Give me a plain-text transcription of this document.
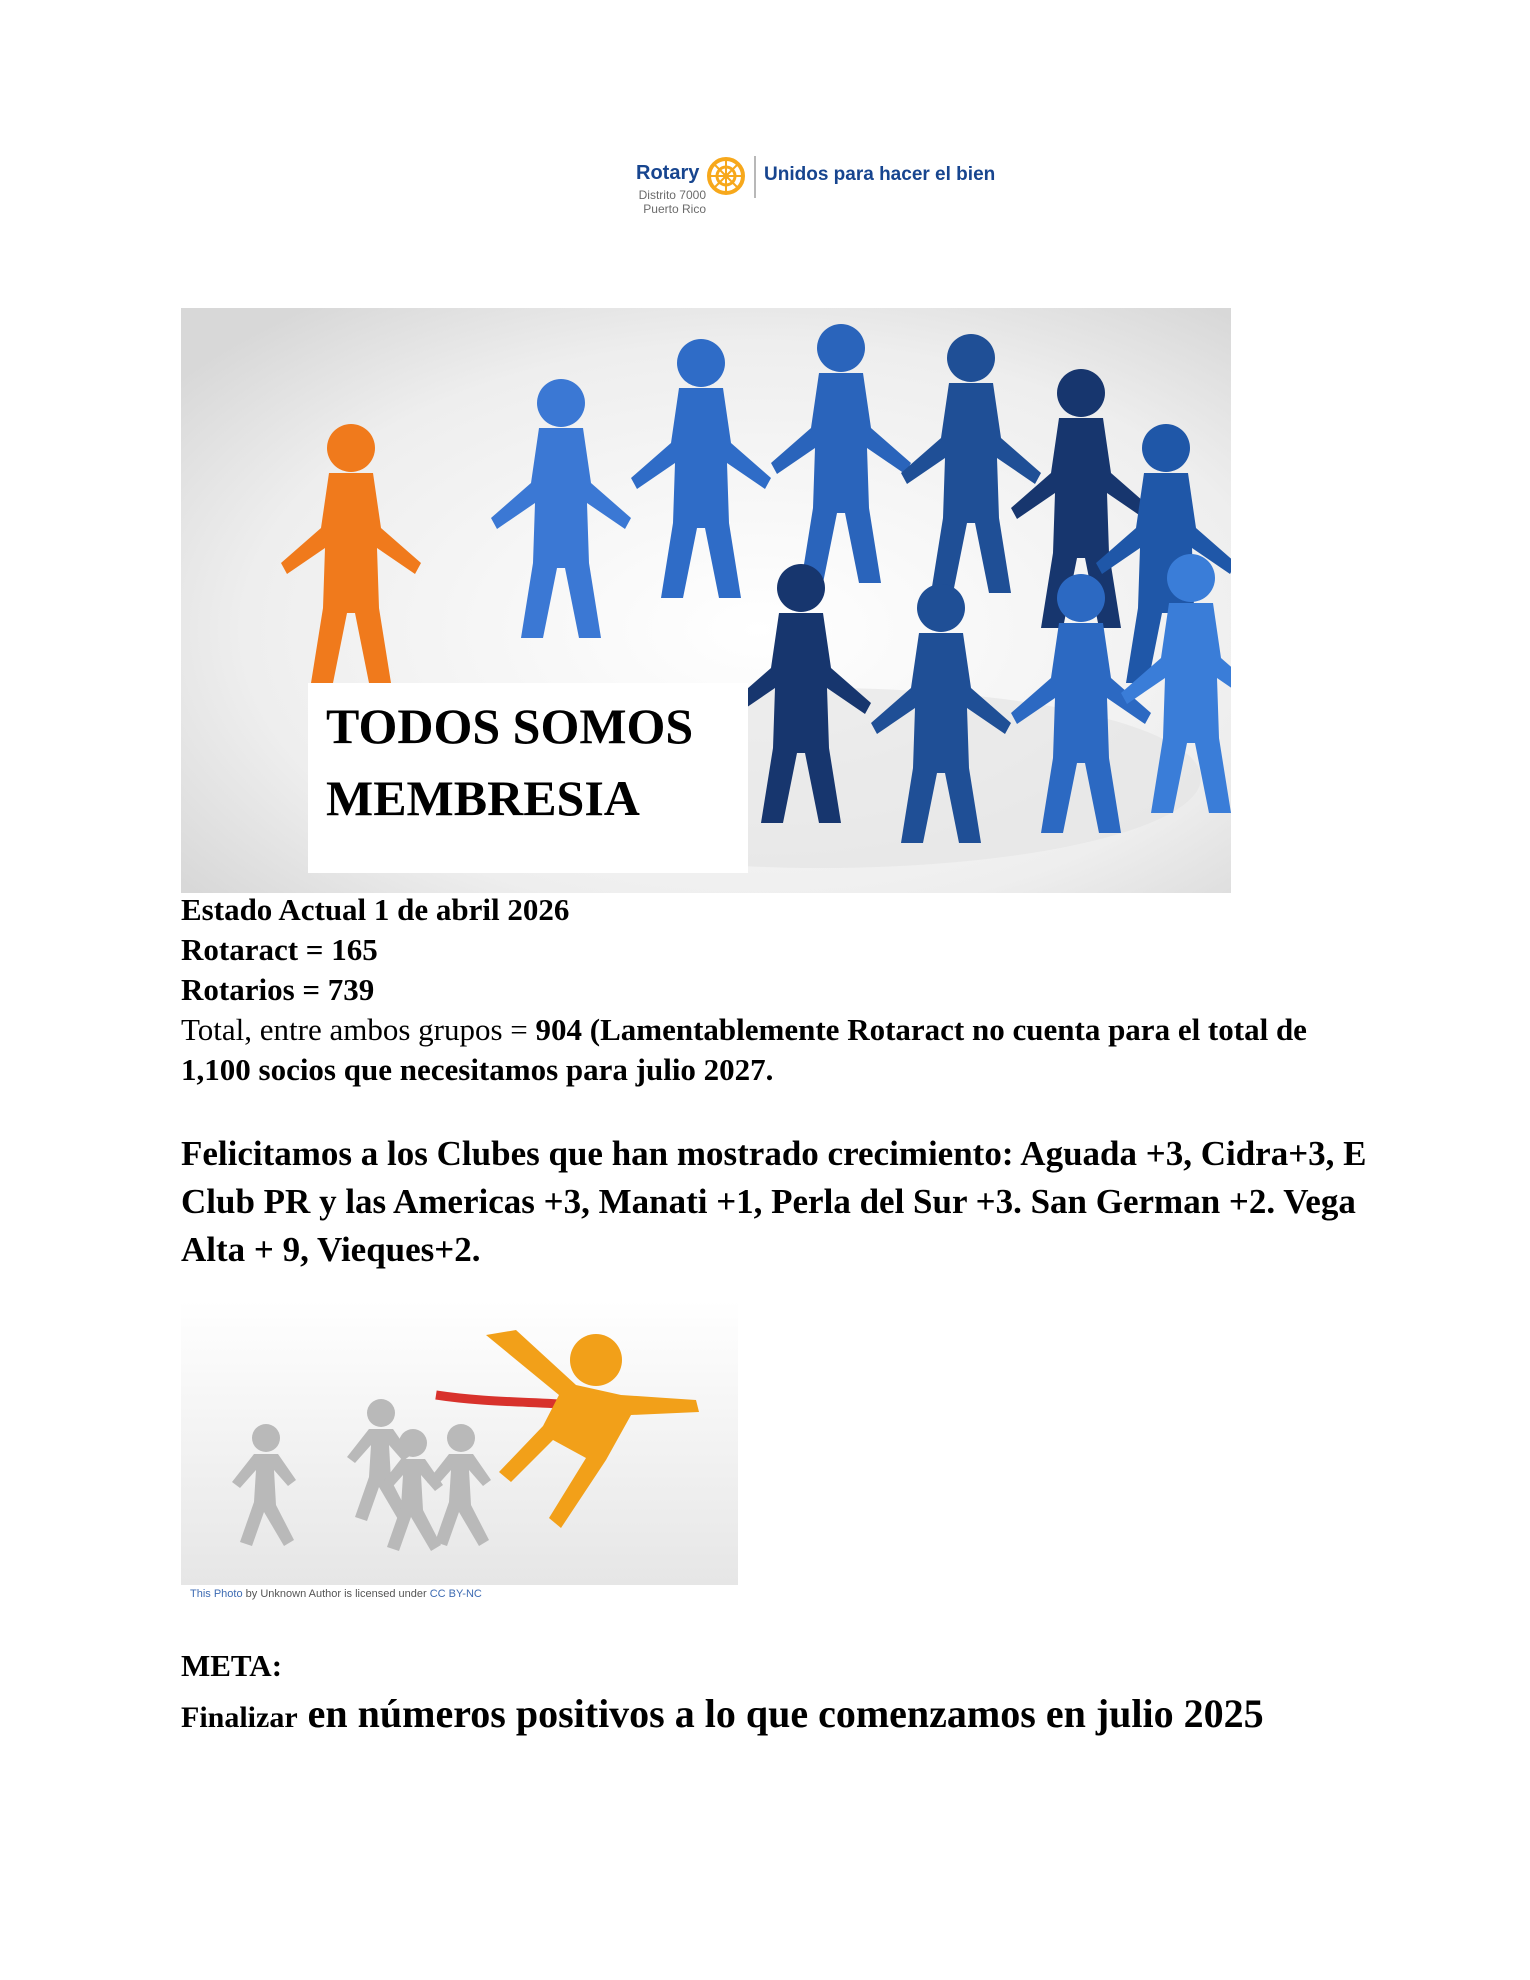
Rotary
Distrito 7000
Puerto Rico
Unidos para hacer el bien
TODOS SOMOS
MEMBRESIA

Estado Actual 1 de abril 2026

Rotaract = 165

Rotarios = 739

Total, entre ambos grupos = 904 (Lamentablemente Rotaract no cuenta para el total de 1,100 socios que necesitamos para julio 2027.

Felicitamos a los Clubes que han mostrado crecimiento: Aguada +3, Cidra+3, E Club PR y las Americas +3, Manati +1, Perla del Sur +3. San German +2. Vega Alta + 9, Vieques+2.

This Photo by Unknown Author is licensed under CC BY-NC
META:
Finalizar en números positivos a lo que comenzamos en julio 2025
